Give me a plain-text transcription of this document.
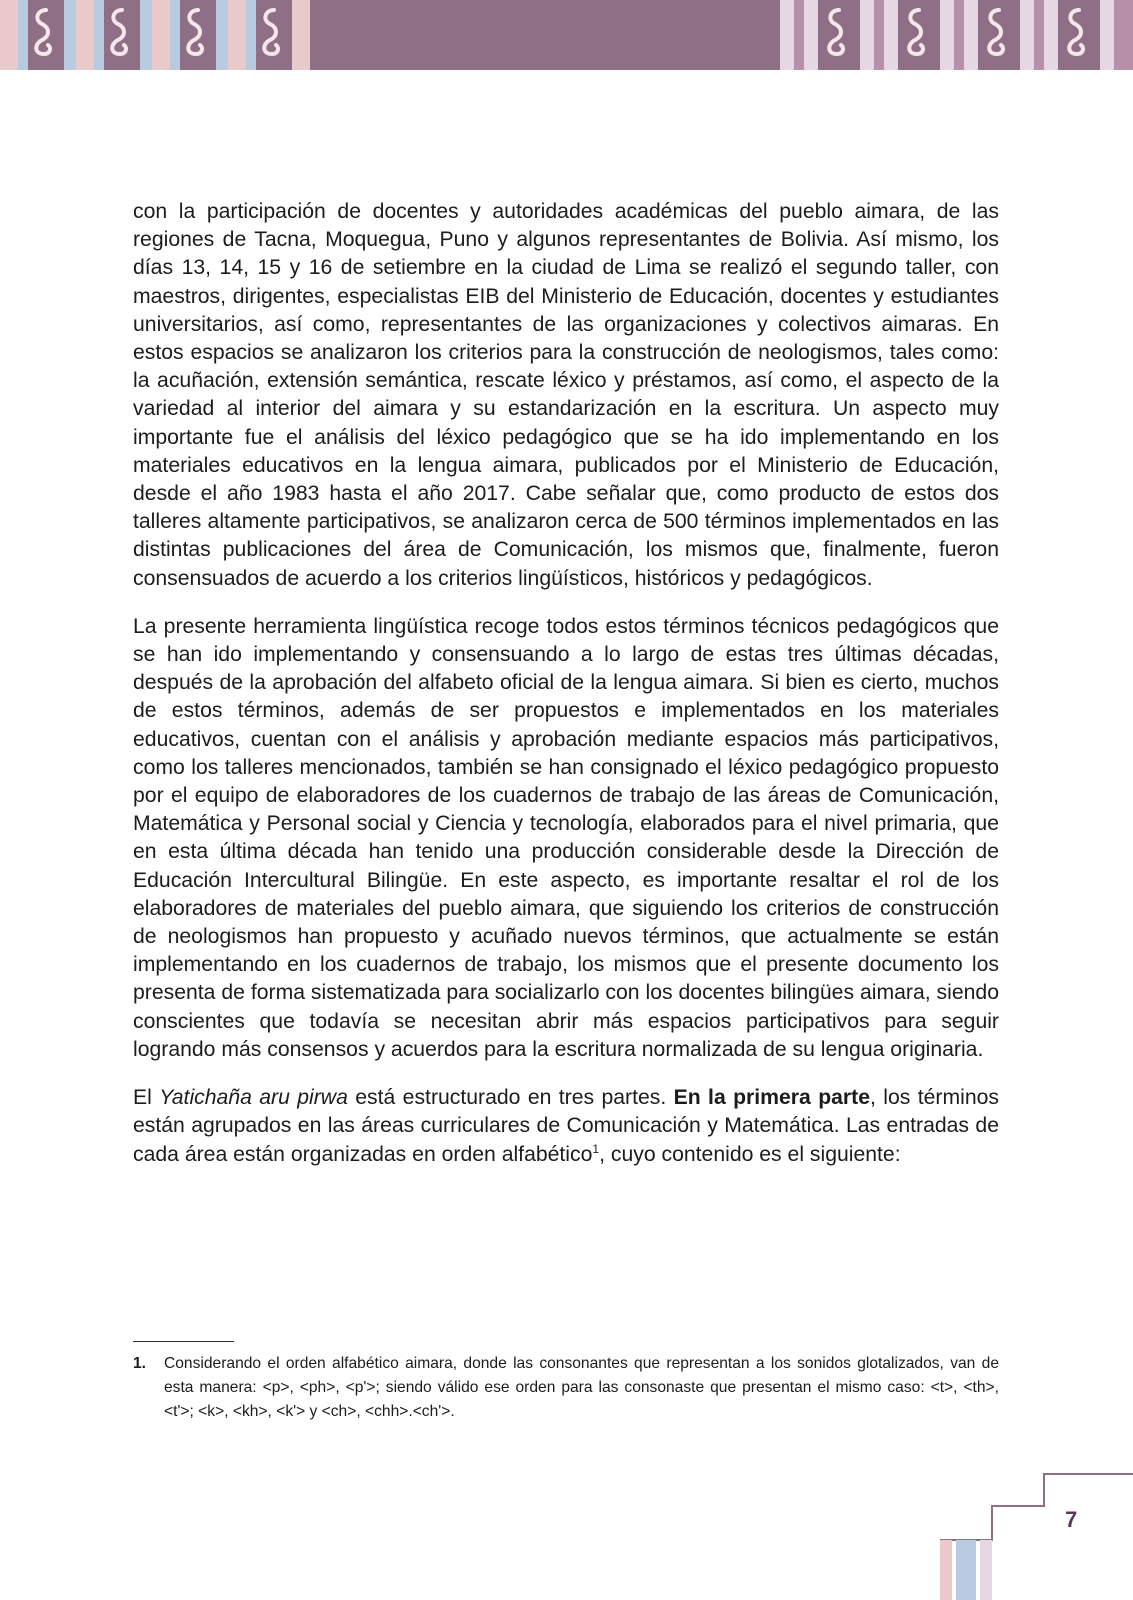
con la participación de docentes y autoridades académicas del pueblo aimara, de las regiones de Tacna, Moquegua, Puno y algunos representantes de Bolivia. Así mismo, los días 13, 14, 15 y 16 de setiembre en la ciudad de Lima se realizó el segundo taller, con maestros, dirigentes, especialistas EIB del Ministerio de Educación, docentes y estudiantes universitarios, así como, representantes de las organizaciones y colectivos aimaras. En estos espacios se analizaron los criterios para la construcción de neologismos, tales como: la acuñación, extensión semántica, rescate léxico y préstamos, así como, el aspecto de la variedad al interior del aimara y su estandarización en la escritura. Un aspecto muy importante fue el análisis del léxico pedagógico que se ha ido implementando en los materiales educativos en la lengua aimara, publicados por el Ministerio de Educación, desde el año 1983 hasta el año 2017. Cabe señalar que, como producto de estos dos talleres altamente participativos, se analizaron cerca de 500 términos implementados en las distintas publicaciones del área de Comunicación, los mismos que, finalmente, fueron consensuados de acuerdo a los criterios lingüísticos, históricos y pedagógicos.

La presente herramienta lingüística recoge todos estos términos técnicos pedagógicos que se han ido implementando y consensuando a lo largo de estas tres últimas décadas, después de la aprobación del alfabeto oficial de la lengua aimara. Si bien es cierto, muchos de estos términos, además de ser propuestos e implementados en los materiales educativos, cuentan con el análisis y aprobación mediante espacios más participativos, como los talleres mencionados, también se han consignado el léxico pedagógico propuesto por el equipo de elaboradores de los cuadernos de trabajo de las áreas de Comunicación, Matemática y Personal social y Ciencia y tecnología, elaborados para el nivel primaria, que en esta última década han tenido una producción considerable desde la Dirección de Educación Intercultural Bilingüe. En este aspecto, es importante resaltar el rol de los elaboradores de materiales del pueblo aimara, que siguiendo los criterios de construcción de neologismos han propuesto y acuñado nuevos términos, que actualmente se están implementando en los cuadernos de trabajo, los mismos que el presente documento los presenta de forma sistematizada para socializarlo con los docentes bilingües aimara, siendo conscientes que todavía se necesitan abrir más espacios participativos para seguir logrando más consensos y acuerdos para la escritura normalizada de su lengua originaria.

El Yatichaña aru pirwa está estructurado en tres partes. En la primera parte, los términos están agrupados en las áreas curriculares de Comunicación y Matemática. Las entradas de cada área están organizadas en orden alfabético$^1$, cuyo contenido es el siguiente:

1. Considerando el orden alfabético aimara, donde las consonantes que representan a los sonidos glotalizados, van de esta manera: <p>, <ph>, <p'>; siendo válido ese orden para las consonaste que presentan el mismo caso: <t>, <th>, <t'>; <k>, <kh>, <k'> y <ch>, <chh>.<ch'>.
7
